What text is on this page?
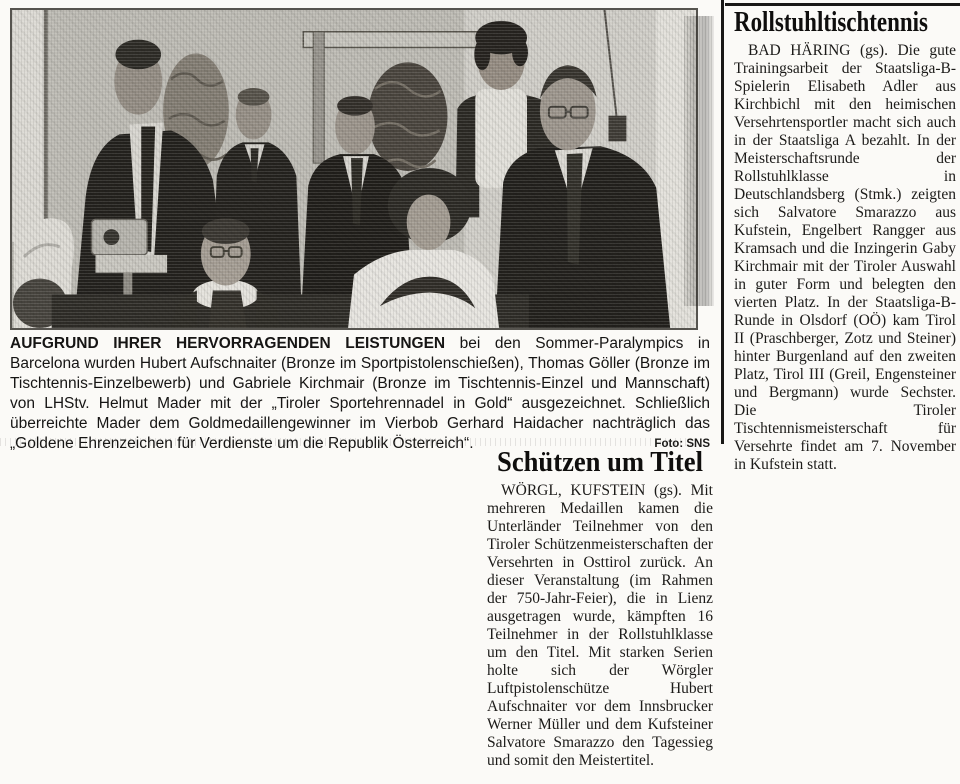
AUFGRUND IHRER HERVORRAGENDEN LEISTUNGEN bei den Sommer-Paralympics in Barcelona wurden Hubert Aufschnaiter (Bronze im Sportpistolenschießen), Thomas Göller (Bronze im Tischtennis-Einzelbewerb) und Gabriele Kirchmair (Bronze im Tischtennis-Einzel und Mannschaft) von LHStv. Helmut Mader mit der „Tiroler Sportehrennadel in Gold“ ausgezeichnet. Schließlich überreichte Mader dem Goldmedaillengewinner im Vierbob Gerhard Haidacher nachträglich das „Goldene Ehrenzeichen für Verdienste um die Republik Österreich“.	Foto: SNS

Rollstuhltischtennis

BAD HÄRING (gs). Die gute Trainingsarbeit der Staatsliga-B-Spielerin Elisabeth Adler aus Kirchbichl mit den heimischen Versehrtensportler macht sich auch in der Staatsliga A bezahlt. In der Meisterschaftsrunde der Rollstuhlklasse in Deutschlandsberg (Stmk.) zeigten sich Salvatore Smarazzo aus Kufstein, Engelbert Rangger aus Kramsach und die Inzingerin Gaby Kirchmair mit der Tiroler Auswahl in guter Form und belegten den vierten Platz. In der Staatsliga-B-Runde in Olsdorf (OÖ) kam Tirol II (Praschberger, Zotz und Steiner) hinter Burgenland auf den zweiten Platz, Tirol III (Greil, Engensteiner und Bergmann) wurde Sechster. Die Tiroler Tischtennismeisterschaft für Versehrte findet am 7. November in Kufstein statt.

Schützen um Titel

WÖRGL, KUFSTEIN (gs). Mit mehreren Medaillen kamen die Unterländer Teilnehmer von den Tiroler Schützenmeisterschaften der Versehrten in Osttirol zurück. An dieser Veranstaltung (im Rahmen der 750-Jahr-Feier), die in Lienz ausgetragen wurde, kämpften 16 Teilnehmer in der Rollstuhlklasse um den Titel. Mit starken Serien holte sich der Wörgler Luftpistolenschütze Hubert Aufschnaiter vor dem Innsbrucker Werner Müller und dem Kufsteiner Salvatore Smarazzo den Tagessieg und somit den Meistertitel.
